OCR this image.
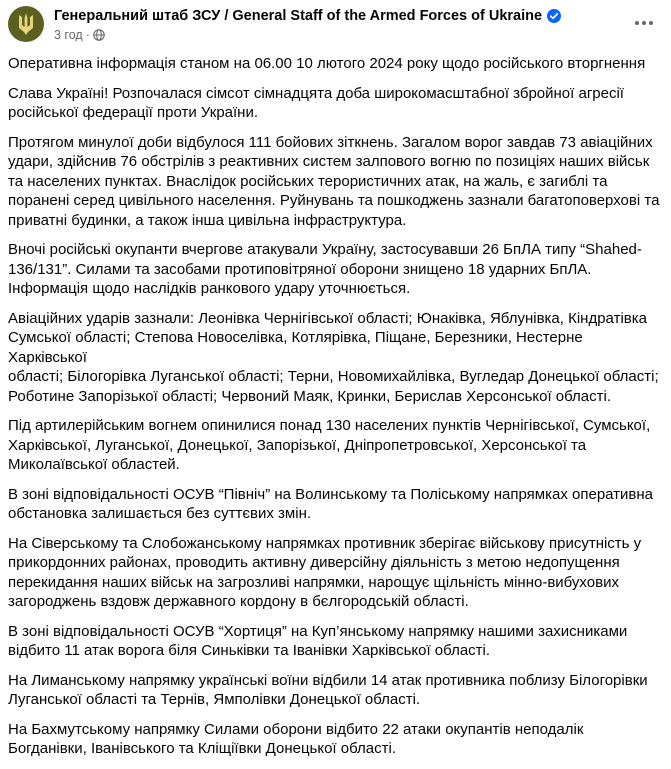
Генеральний штаб ЗСУ / General Staff of the Armed Forces of Ukraine
3 год ·

Оперативна інформація станом на 06.00 10 лютого 2024 року щодо російського вторгнення

Слава Україні! Розпочалася сімсот сімнадцята доба широкомасштабної збройної агресії
російської федерації проти України.

Протягом минулої доби відбулося 111 бойових зіткнень. Загалом ворог завдав 73 авіаційних
удари, здійснив 76 обстрілів з реактивних систем залпового вогню по позиціях наших військ
та населених пунктах. Внаслідок російських терористичних атак, на жаль, є загиблі та
поранені серед цивільного населення. Руйнувань та пошкоджень зазнали багатоповерхові та
приватні будинки, а також інша цивільна інфраструктура.

Вночі російські окупанти вчергове атакували Україну, застосувавши 26 БпЛА типу “Shahed-
136/131”. Силами та засобами протиповітряної оборони знищено 18 ударних БпЛА.
Інформація щодо наслідків ранкового удару уточнюється.

Авіаційних ударів зазнали: Леонівка Чернігівської області; Юнаківка, Яблунівка, Кіндратівка
Сумської області; Степова Новоселівка, Котлярівка, Піщане, Березники, Нестерне Харківської
області; Білогорівка Луганської області; Терни, Новомихайлівка, Вугледар Донецької області;
Роботине Запорізької області; Червоний Маяк, Кринки, Берислав Херсонської області.

Під артилерійським вогнем опинилися понад 130 населених пунктів Чернігівської, Сумської,
Харківської, Луганської, Донецької, Запорізької, Дніпропетровської, Херсонської та
Миколаївської областей.

В зоні відповідальності ОСУВ “Північ” на Волинському та Поліському напрямках оперативна
обстановка залишається без суттєвих змін.

На Сіверському та Слобожанському напрямках противник зберігає військову присутність у
прикордонних районах, проводить активну диверсійну діяльність з метою недопущення
перекидання наших військ на загрозливі напрямки, нарощує щільність мінно-вибухових
загороджень вздовж державного кордону в бєлгородській області.

В зоні відповідальності ОСУВ “Хортиця” на Куп’янському напрямку нашими захисниками
відбито 11 атак ворога біля Синьківки та Іванівки Харківської області.

На Лиманському напрямку українські воїни відбили 14 атак противника поблизу Білогорівки
Луганської області та Тернів, Ямполівки Донецької області.

На Бахмутському напрямку Силами оборони відбито 22 атаки окупантів неподалік
Богданівки, Іванівського та Кліщіївки Донецької області.
